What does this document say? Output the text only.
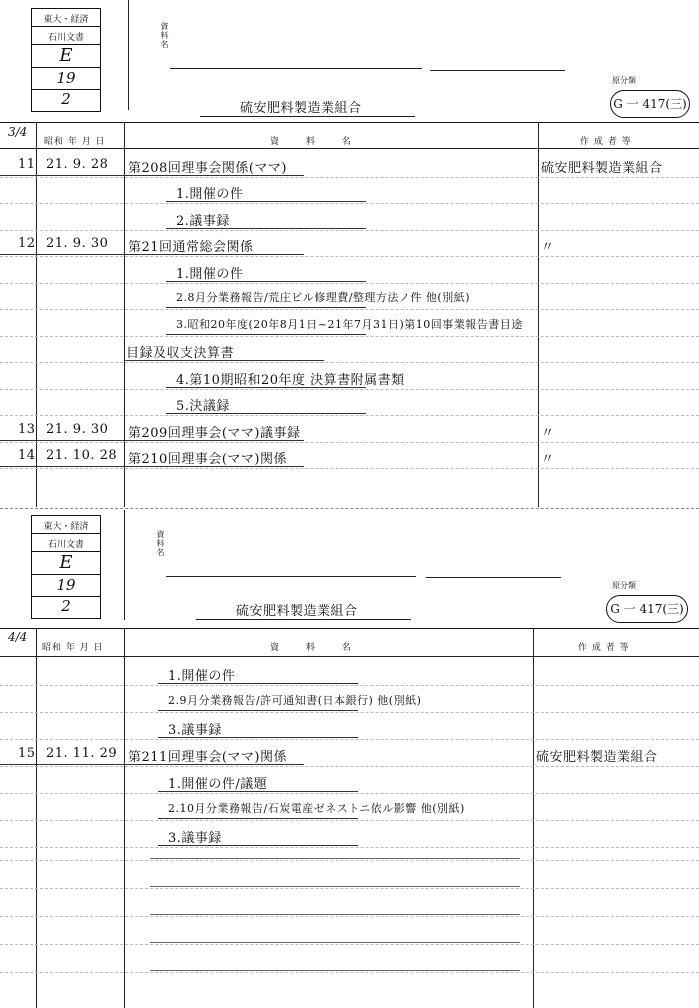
東大・経済
石川文書
E
19
2
資料名
原分類
G 一 417(三)
硫安肥料製造業組合
3/4
昭和 年 月 日	資 料 名	作 成 者 等
11 21. 9. 28 第208回理事会関係(ママ)	硫安肥料製造業組合
1.開催の件
2.議事録
12 21. 9. 30 第21回通常総会関係	〃
1.開催の件
2.8月分業務報告/荒庄ビル修理費/整理方法ノ件 他(別紙)
3.昭和20年度(20年8月1日~21年7月31日)第10回事業報告書目途
目録及収支決算書
4.第10期昭和20年度 決算書附属書類
5.決議録
13 21. 9. 30 第209回理事会(ママ)議事録	〃
14 21. 10. 28 第210回理事会(ママ)関係	〃
東大・経済
石川文書
E
19
2
資料名
原分類
G 一 417(三)
硫安肥料製造業組合
4/4
昭和 年 月 日	資 料 名	作 成 者 等
1.開催の件
2.9月分業務報告/許可通知書(日本銀行) 他(別紙)
3.議事録
15 21. 11. 29 第211回理事会(ママ)関係	硫安肥料製造業組合
1.開催の件/議題
2.10月分業務報告/石炭電産ゼネストニ依ル影響 他(別紙)
3.議事録
